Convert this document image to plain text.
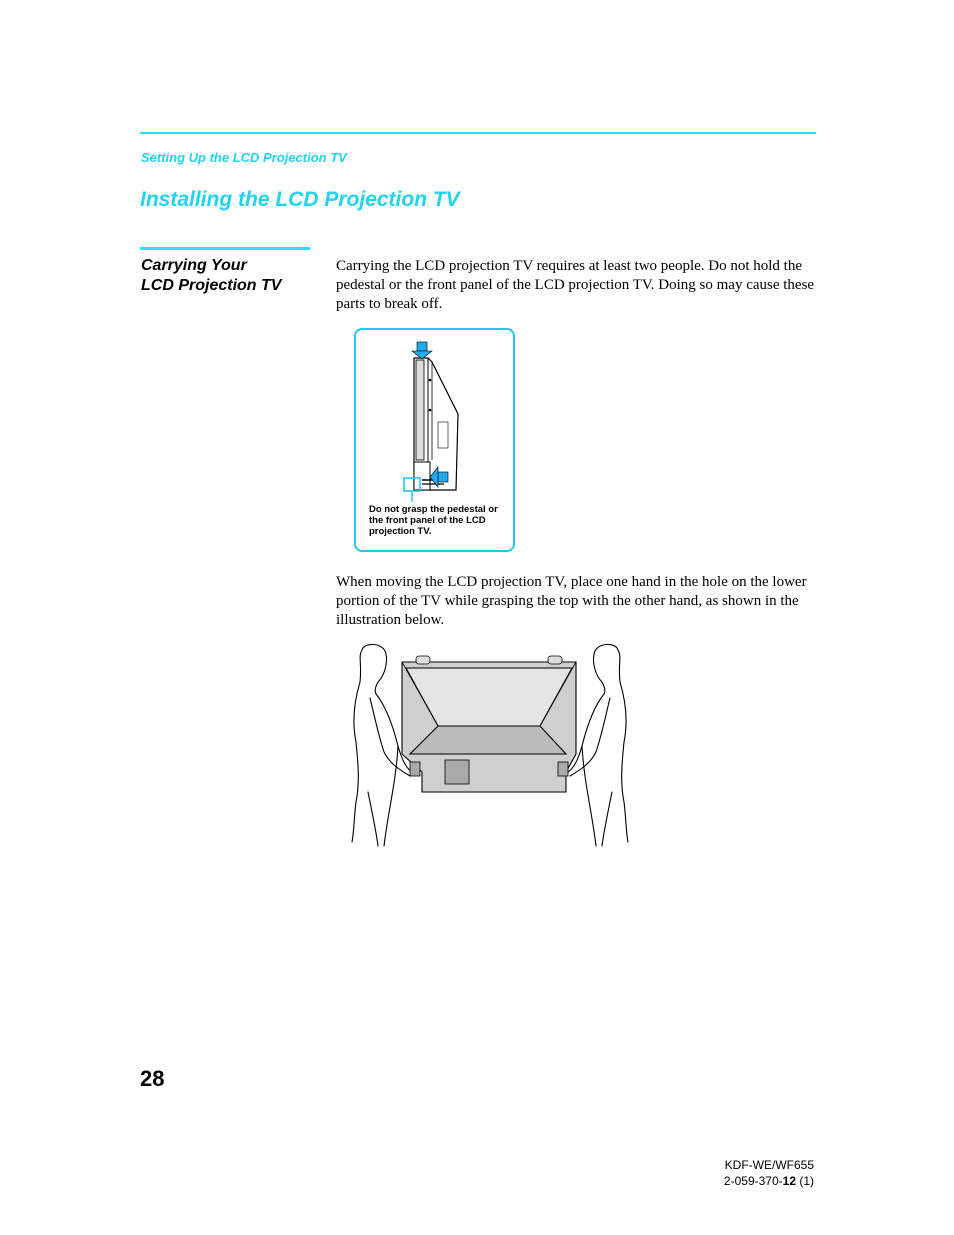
Setting Up the LCD Projection TV
Installing the LCD Projection TV
Carrying Your
LCD Projection TV

Carrying the LCD projection TV requires at least two people. Do not hold the pedestal or the front panel of the LCD projection TV. Doing so may cause these parts to break off.

Do not grasp the pedestal or the front panel of the LCD projection TV.

When moving the LCD projection TV, place one hand in the hole on the lower portion of the TV while grasping the top with the other hand, as shown in the illustration below.

28
KDF-WE/WF655
2-059-370-12 (1)
